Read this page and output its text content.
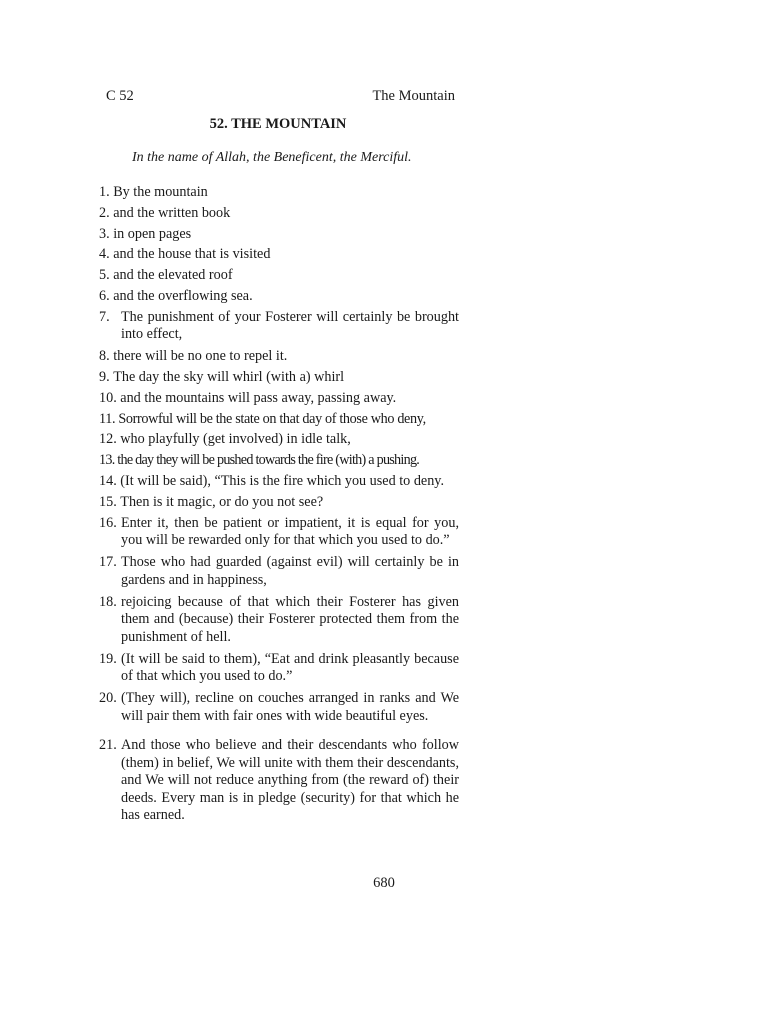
C 52	The Mountain
52. THE MOUNTAIN
In the name of Allah, the Beneficent, the Merciful.
1.
By the mountain
2.
and the written book
3.
in open pages
4.
and the house that is visited
5.
and the elevated roof
6.
and the overflowing sea.
7. The punishment of your Fosterer will certainly be brought into effect,
8.
there will be no one to repel it.
9.
The day the sky will whirl (with a) whirl
10.
and the mountains will pass away, passing away.
11.
Sorrowful will be the state on that day of those who deny,
12.
who playfully (get involved) in idle talk,
13.
the day they will be pushed towards the fire (with) a pushing.
14.
(It will be said), “This is the fire which you used to deny.
15.
Then is it magic, or do you not see?
16. Enter it, then be patient or impatient, it is equal for you, you will be rewarded only for that which you used to do.”
17. Those who had guarded (against evil) will certainly be in gardens and in happiness,
18. rejoicing because of that which their Fosterer has given them and (because) their Fosterer protected them from the punishment of hell.
19. (It will be said to them), “Eat and drink pleasantly because of that which you used to do.”
20. (They will), recline on couches arranged in ranks and We will pair them with fair ones with wide beautiful eyes.
21. And those who believe and their descendants who follow (them) in belief, We will unite with them their descendants, and We will not reduce anything from (the reward of) their deeds. Every man is in pledge (security) for that which he has earned.
680
